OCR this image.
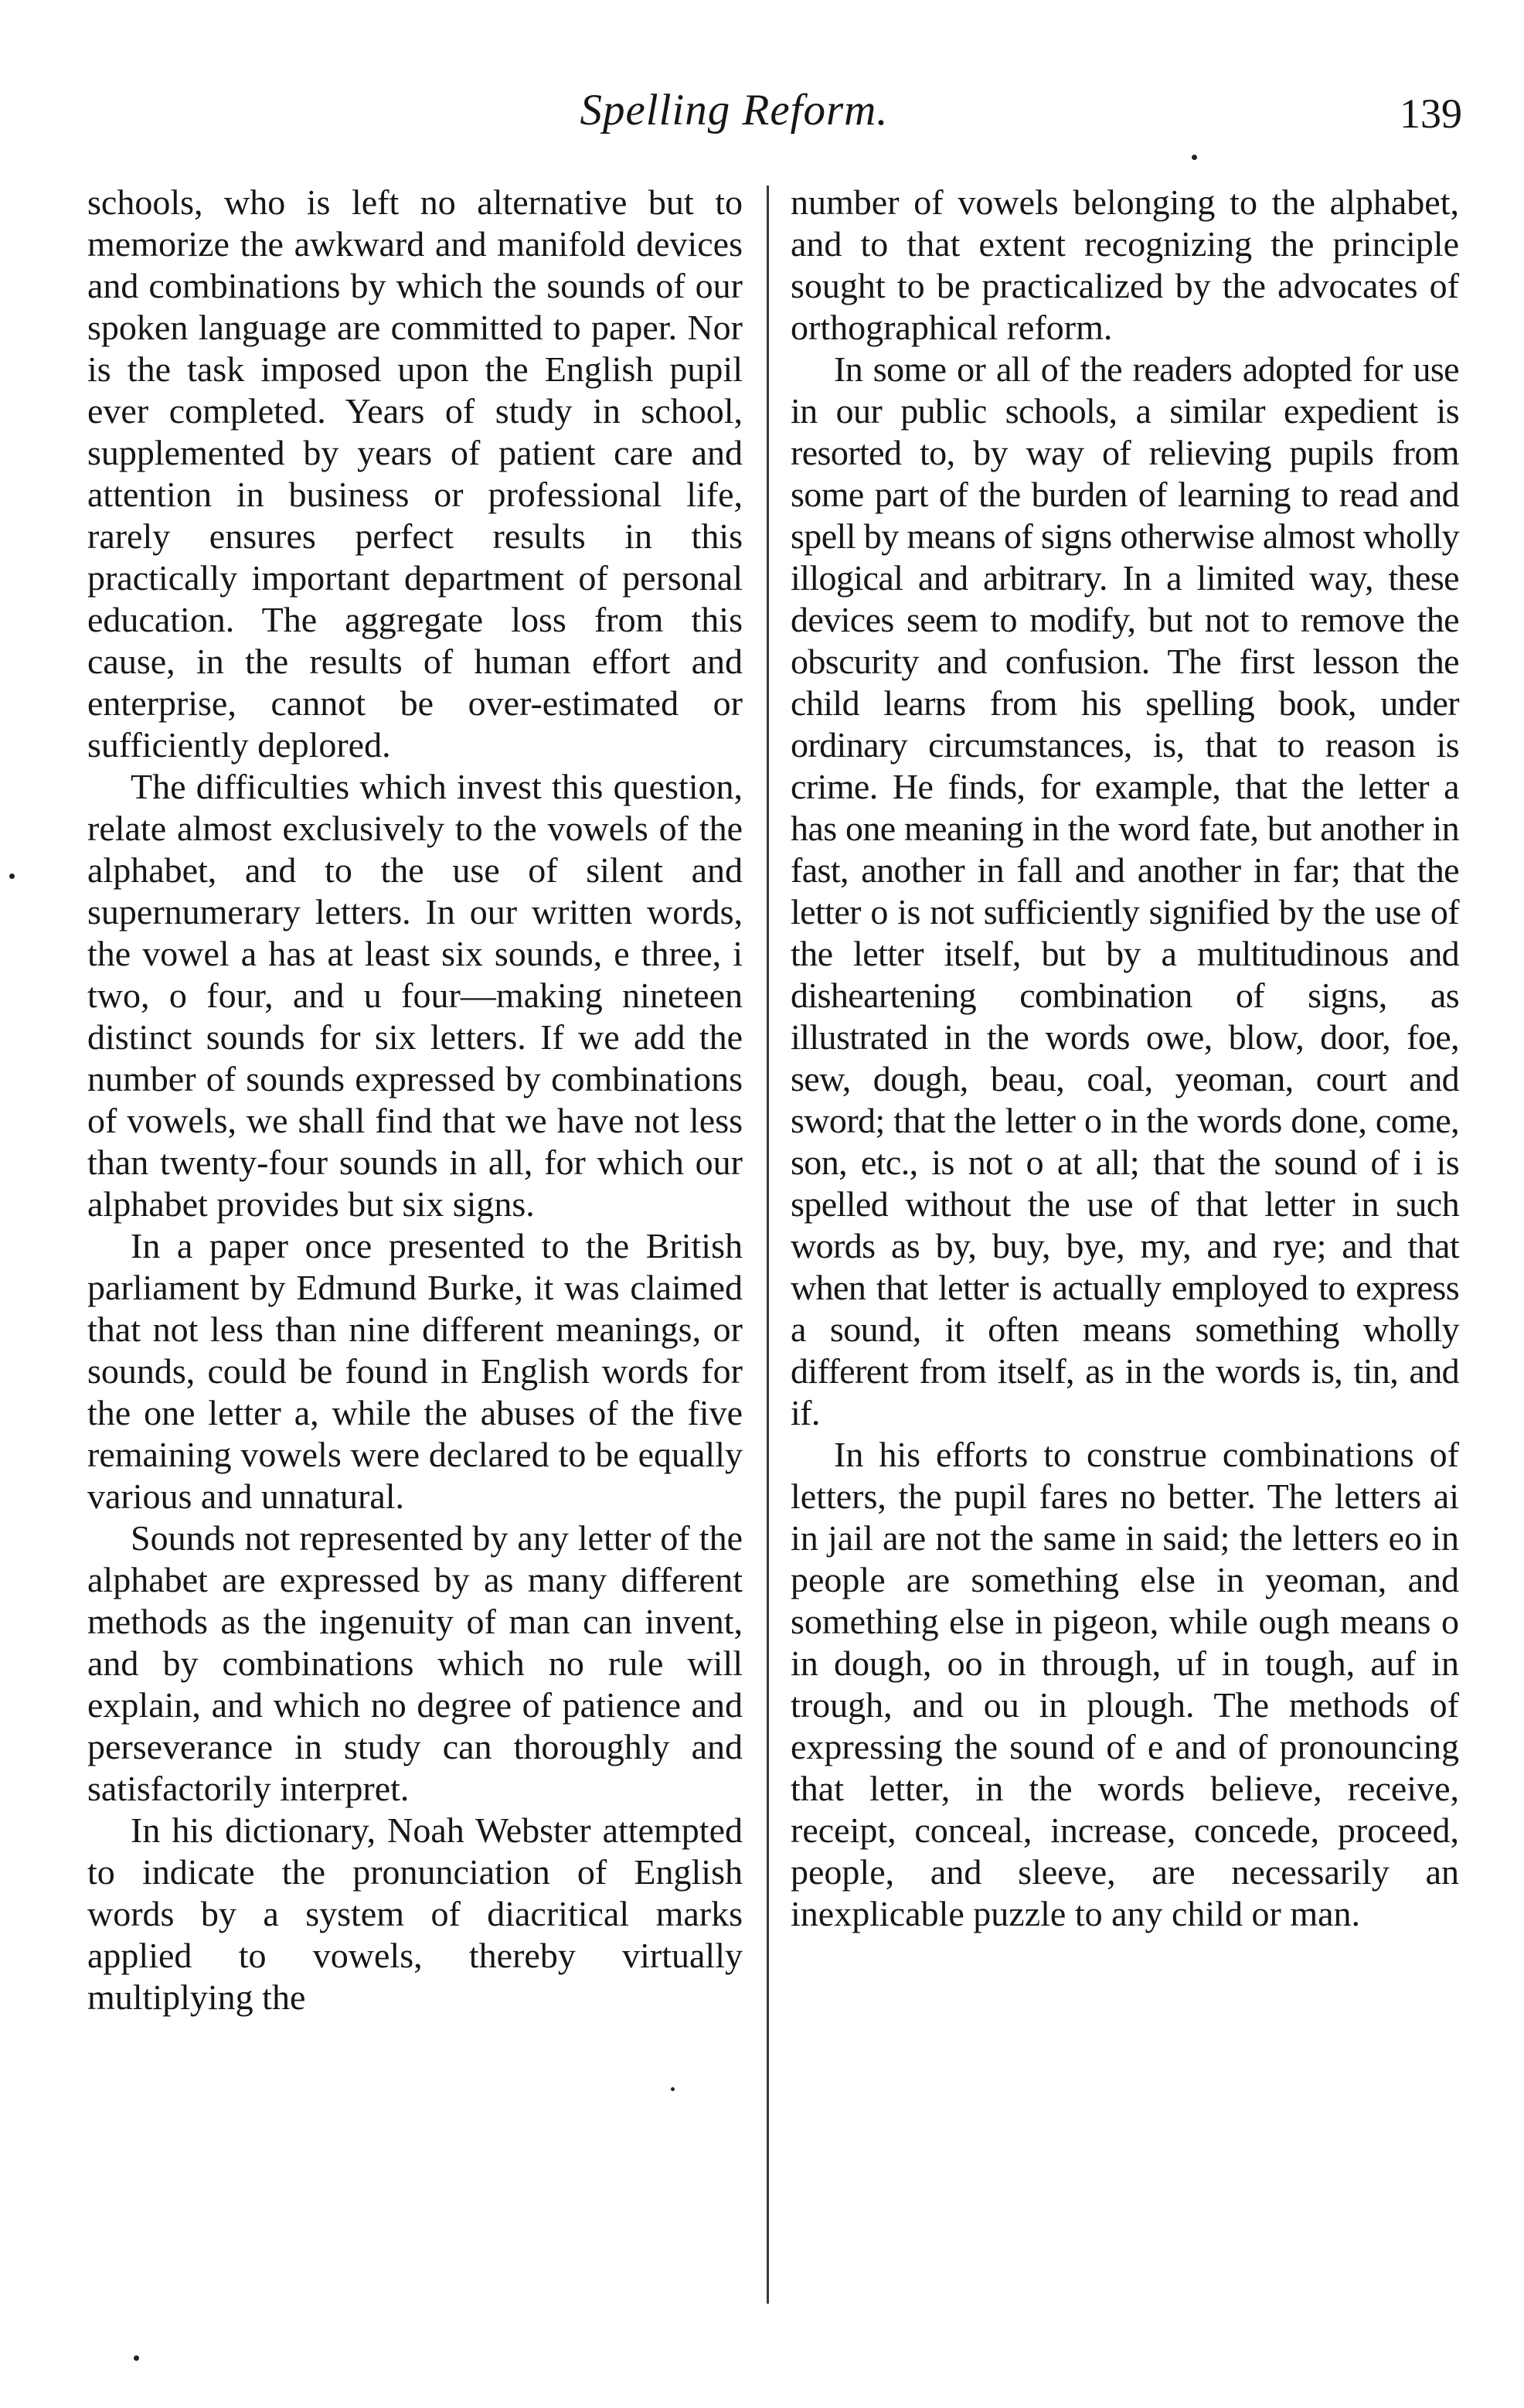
Spelling Reform.	139

schools, who is left no alternative but to memorize the awkward and manifold devices and combinations by which the sounds of our spoken language are committed to paper. Nor is the task imposed upon the English pupil ever completed. Years of study in school, supplemented by years of patient care and attention in business or professional life, rarely ensures perfect results in this practically important department of personal education. The aggregate loss from this cause, in the results of human effort and enterprise, cannot be over-estimated or sufficiently deplored.

The difficulties which invest this question, relate almost exclusively to the vowels of the alphabet, and to the use of silent and supernumerary letters. In our written words, the vowel a has at least six sounds, e three, i two, o four, and u four—making nineteen distinct sounds for six letters. If we add the number of sounds expressed by combinations of vowels, we shall find that we have not less than twenty-four sounds in all, for which our alphabet provides but six signs.

In a paper once presented to the British parliament by Edmund Burke, it was claimed that not less than nine different meanings, or sounds, could be found in English words for the one letter a, while the abuses of the five remaining vowels were declared to be equally various and unnatural.

Sounds not represented by any letter of the alphabet are expressed by as many different methods as the ingenuity of man can invent, and by combinations which no rule will explain, and which no degree of patience and perseverance in study can thoroughly and satisfactorily interpret.

In his dictionary, Noah Webster attempted to indicate the pronunciation of English words by a system of diacritical marks applied to vowels, thereby virtually multiplying the

number of vowels belonging to the alphabet, and to that extent recognizing the principle sought to be practicalized by the advocates of orthographical reform.

In some or all of the readers adopted for use in our public schools, a similar expedient is resorted to, by way of relieving pupils from some part of the burden of learning to read and spell by means of signs otherwise almost wholly illogical and arbitrary. In a limited way, these devices seem to modify, but not to remove the obscurity and confusion. The first lesson the child learns from his spelling book, under ordinary circumstances, is, that to reason is crime. He finds, for example, that the letter a has one meaning in the word fate, but another in fast, another in fall and another in far; that the letter o is not sufficiently signified by the use of the letter itself, but by a multitudinous and disheartening combination of signs, as illustrated in the words owe, blow, door, foe, sew, dough, beau, coal, yeoman, court and sword; that the letter o in the words done, come, son, etc., is not o at all; that the sound of i is spelled without the use of that letter in such words as by, buy, bye, my, and rye; and that when that letter is actually employed to express a sound, it often means something wholly different from itself, as in the words is, tin, and if.

In his efforts to construe combinations of letters, the pupil fares no better. The letters ai in jail are not the same in said; the letters eo in people are something else in yeoman, and something else in pigeon, while ough means o in dough, oo in through, uf in tough, auf in trough, and ou in plough. The methods of expressing the sound of e and of pronouncing that letter, in the words believe, receive, receipt, conceal, increase, concede, proceed, people, and sleeve, are necessarily an inexplicable puzzle to any child or man.
